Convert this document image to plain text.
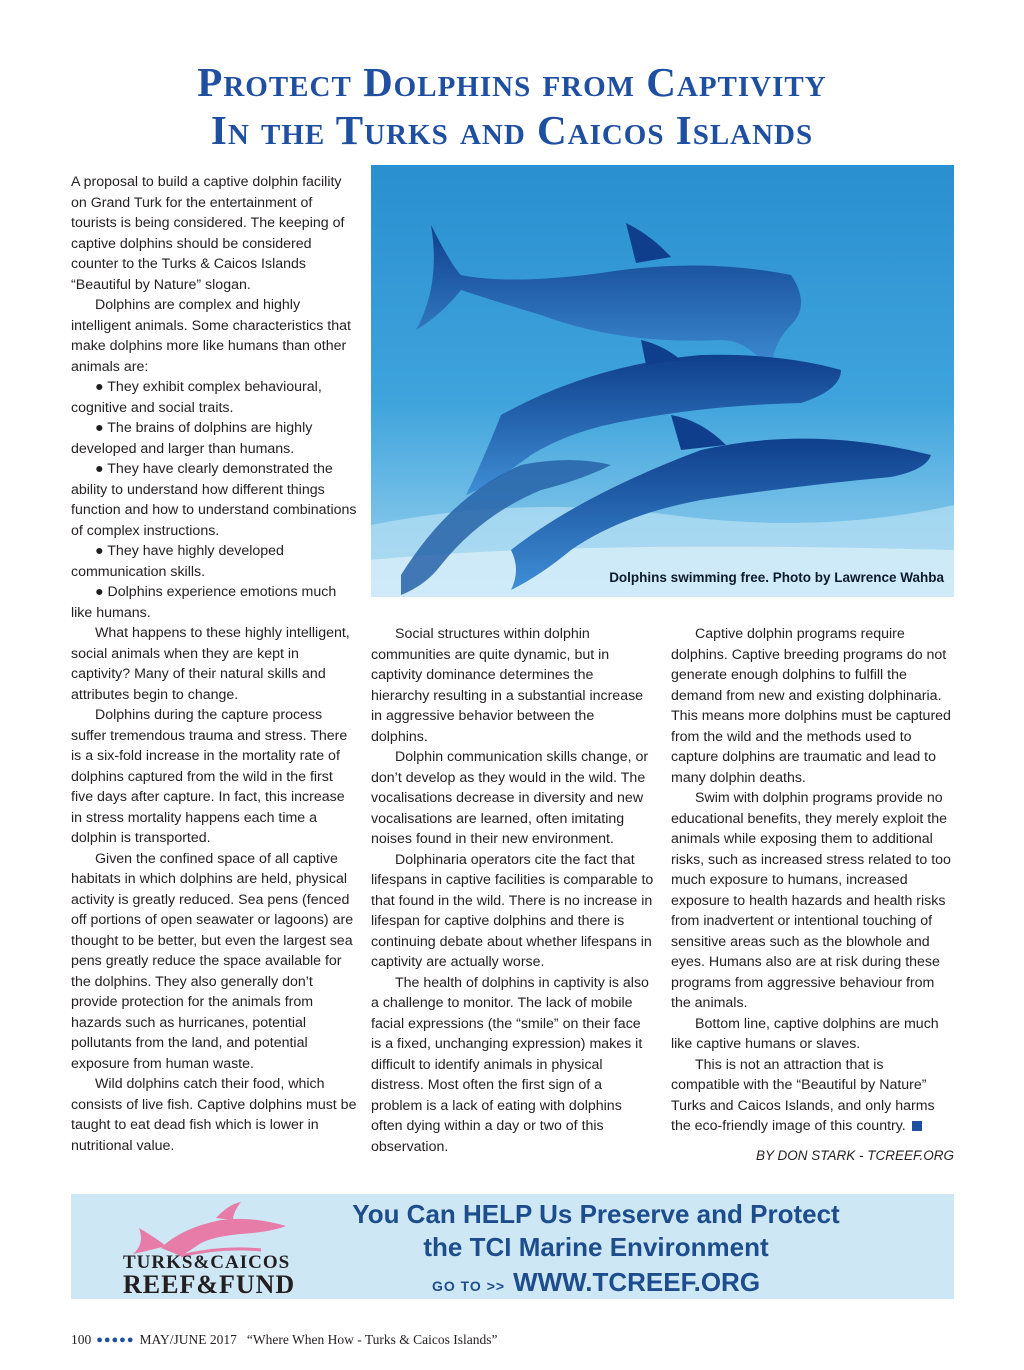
Protect Dolphins from Captivity
In the Turks and Caicos Islands

A proposal to build a captive dolphin facility on Grand Turk for the entertainment of tourists is being considered. The keeping of captive dolphins should be considered counter to the Turks & Caicos Islands “Beautiful by Nature” slogan.

Dolphins are complex and highly intelligent animals. Some characteristics that make dolphins more like humans than other animals are:

● They exhibit complex behavioural, cognitive and social traits.

● The brains of dolphins are highly developed and larger than humans.

● They have clearly demonstrated the ability to understand how different things function and how to understand combinations of complex instructions.

● They have highly developed communication skills.

● Dolphins experience emotions much like humans.

What happens to these highly intelligent, social animals when they are kept in captivity? Many of their natural skills and attributes begin to change.

Dolphins during the capture process suffer tremendous trauma and stress. There is a six-fold increase in the mortality rate of dolphins captured from the wild in the first five days after capture. In fact, this increase in stress mortality happens each time a dolphin is transported.

Given the confined space of all captive habitats in which dolphins are held, physical activity is greatly reduced. Sea pens (fenced off portions of open seawater or lagoons) are thought to be better, but even the largest sea pens greatly reduce the space available for the dolphins. They also generally don’t provide protection for the animals from hazards such as hurricanes, potential pollutants from the land, and potential exposure from human waste.

Wild dolphins catch their food, which consists of live fish. Captive dolphins must be taught to eat dead fish which is lower in nutritional value.

Dolphins swimming free. Photo by Lawrence Wahba

Social structures within dolphin communities are quite dynamic, but in captivity dominance determines the hierarchy resulting in a substantial increase in aggressive behavior between the dolphins.

Dolphin communication skills change, or don’t develop as they would in the wild. The vocalisations decrease in diversity and new vocalisations are learned, often imitating noises found in their new environment.

Dolphinaria operators cite the fact that lifespans in captive facilities is comparable to that found in the wild. There is no increase in lifespan for captive dolphins and there is continuing debate about whether lifespans in captivity are actually worse.

The health of dolphins in captivity is also a challenge to monitor. The lack of mobile facial expressions (the “smile” on their face is a fixed, unchanging expression) makes it difficult to identify animals in physical distress. Most often the first sign of a problem is a lack of eating with dolphins often dying within a day or two of this observation.

Captive dolphin programs require dolphins. Captive breeding programs do not generate enough dolphins to fulfill the demand from new and existing dolphinaria. This means more dolphins must be captured from the wild and the methods used to capture dolphins are traumatic and lead to many dolphin deaths.

Swim with dolphin programs provide no educational benefits, they merely exploit the animals while exposing them to additional risks, such as increased stress related to too much exposure to humans, increased exposure to health hazards and health risks from inadvertent or intentional touching of sensitive areas such as the blowhole and eyes. Humans also are at risk during these programs from aggressive behaviour from the animals.

Bottom line, captive dolphins are much like captive humans or slaves.

This is not an attraction that is compatible with the “Beautiful by Nature” Turks and Caicos Islands, and only harms the eco-friendly image of this country.

BY DON STARK - TCREEF.ORG
TURKS&CAICOS
REEF&FUND
You Can HELP Us Preserve and Protect
the TCI Marine Environment
GO TO >> WWW.TCREEF.ORG
100 ●●●●● MAY/JUNE 2017 “Where When How - Turks & Caicos Islands”
